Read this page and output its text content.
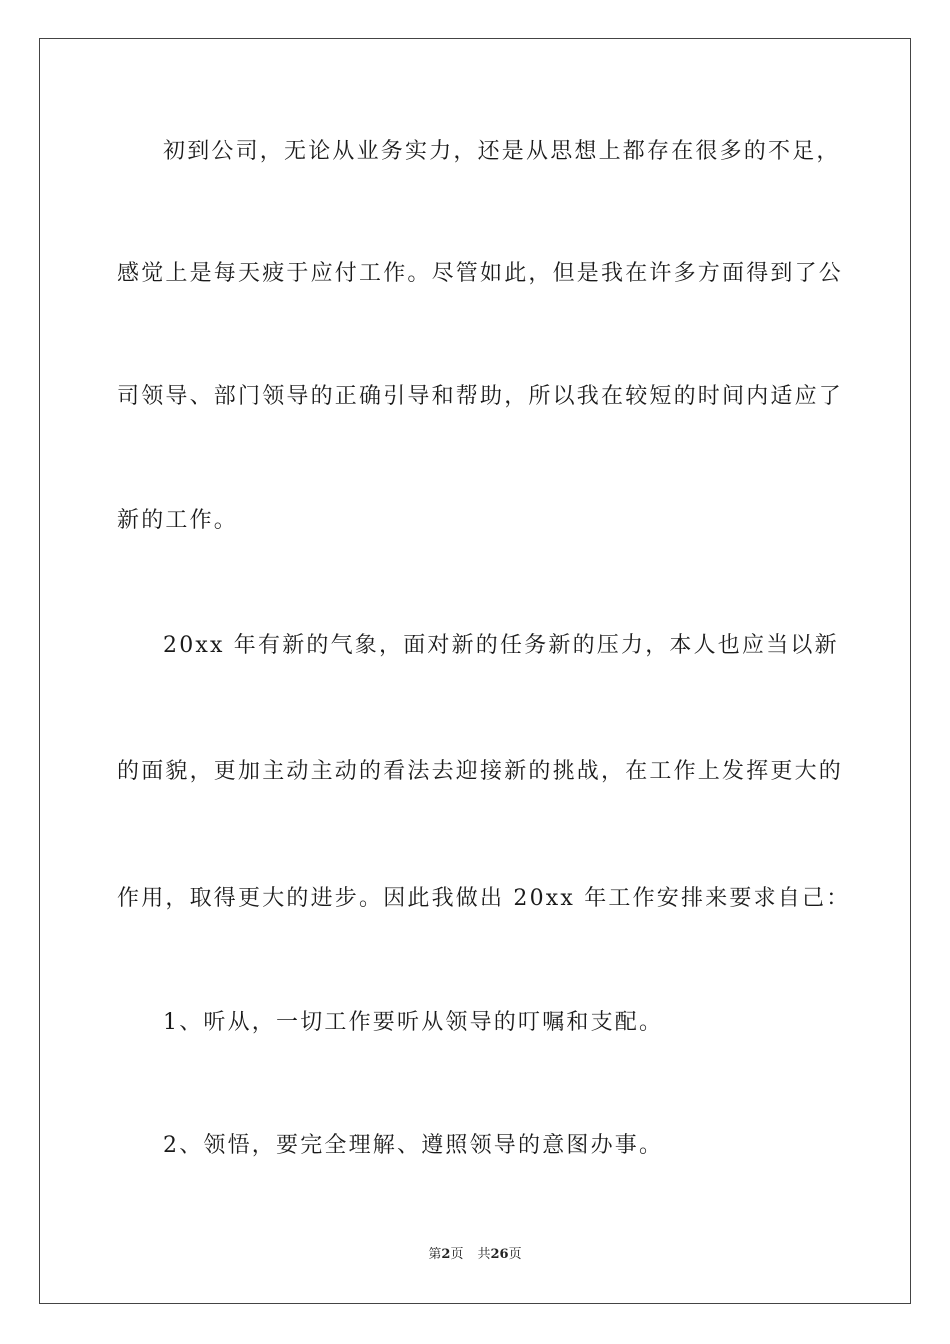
初到公司，无论从业务实力，还是从思想上都存在很多的不足，
感觉上是每天疲于应付工作。尽管如此，但是我在许多方面得到了公
司领导、部门领导的正确引导和帮助，所以我在较短的时间内适应了
新的工作。
20xx 年有新的气象，面对新的任务新的压力，本人也应当以新
的面貌，更加主动主动的看法去迎接新的挑战，在工作上发挥更大的
作用，取得更大的进步。因此我做出 20xx 年工作安排来要求自己：
1、听从，一切工作要听从领导的叮嘱和支配。
2、领悟，要完全理解、遵照领导的意图办事。
第2页 共26页
